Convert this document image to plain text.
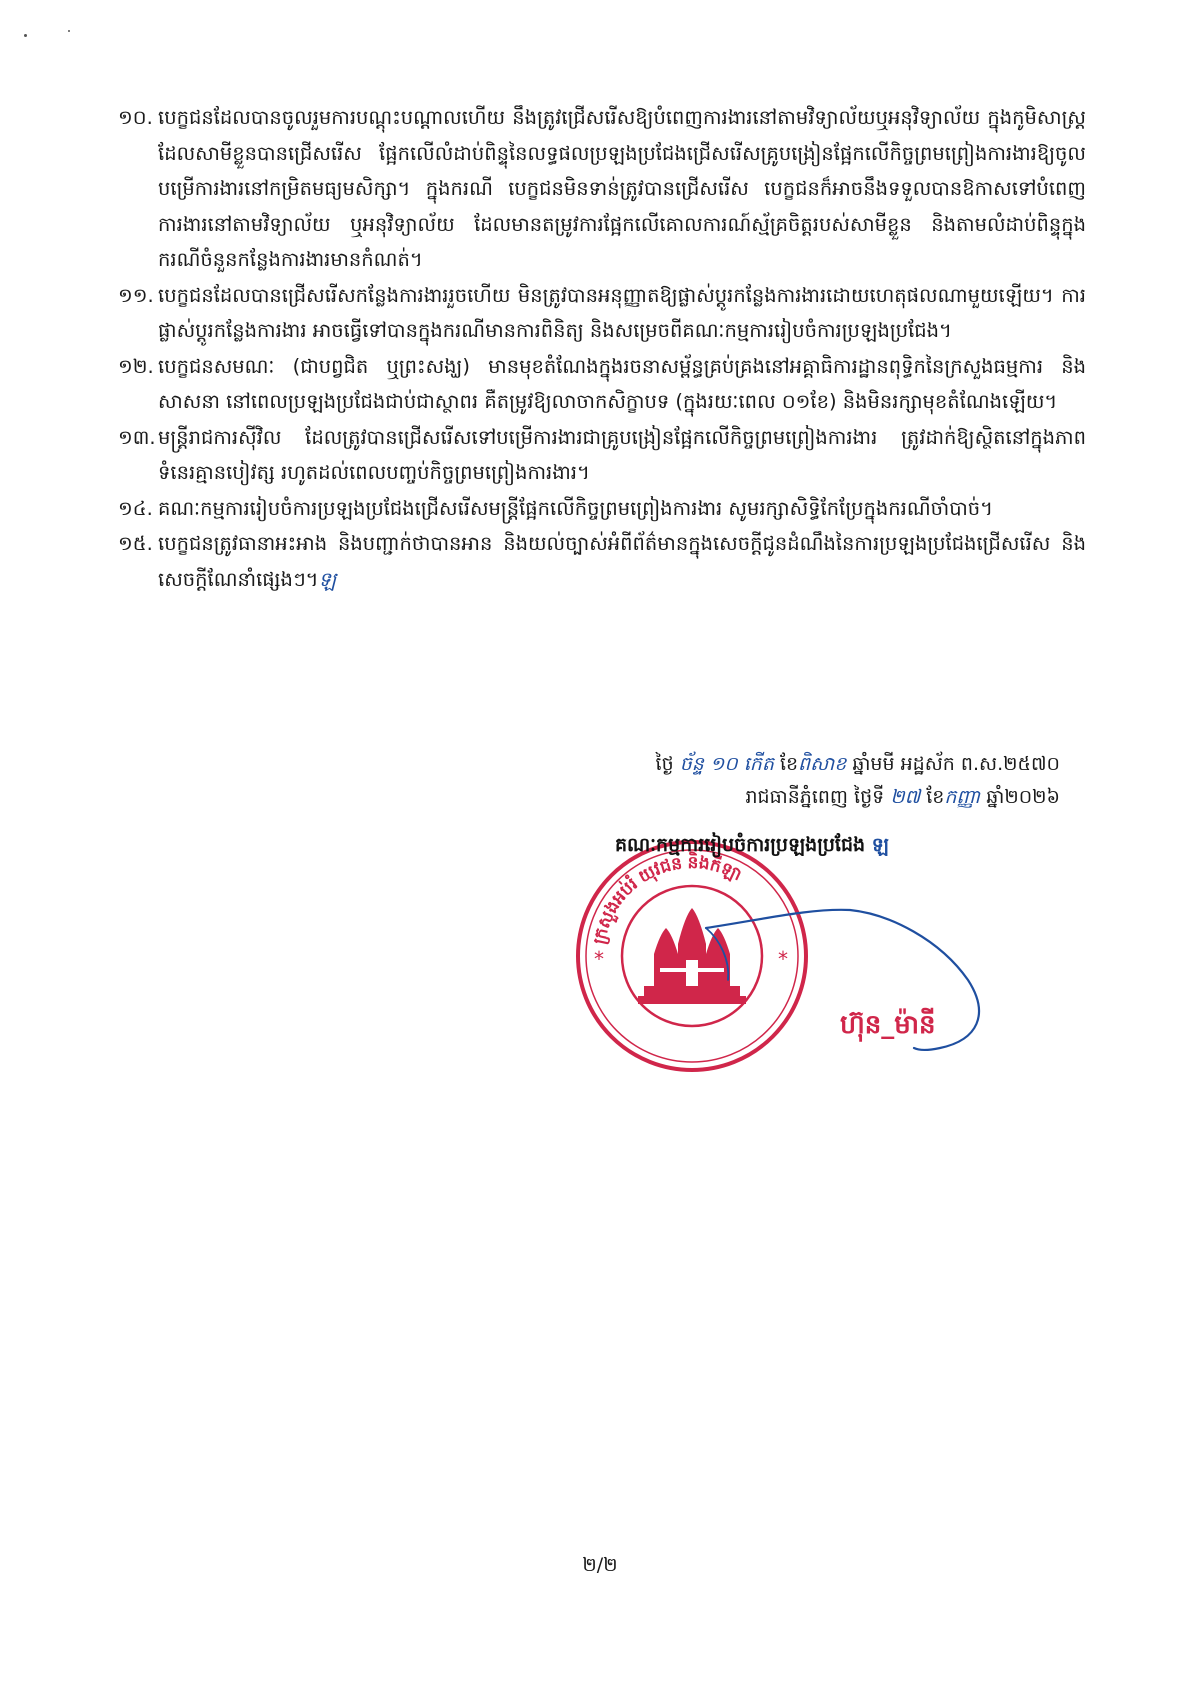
១០. បេក្ខជនដែលបានចូលរួមការបណ្តុះបណ្តាលហើយ នឹងត្រូវជ្រើសរើសឱ្យបំពេញការងារនៅតាមវិទ្យាល័យឬអនុវិទ្យាល័យ ក្នុងកូមិសាស្ត្រដែលសាមីខ្លួនបានជ្រើសរើស ផ្អែកលើលំដាប់ពិន្ទុនៃលទ្ធផលប្រឡងប្រជែងជ្រើសរើសគ្រូបង្រៀនផ្អែកលើកិច្ចព្រមព្រៀងការងារឱ្យចូលបម្រើការងារនៅកម្រិតមធ្យមសិក្សា។ ក្នុងករណី បេក្ខជនមិនទាន់ត្រូវបានជ្រើសរើស បេក្ខជនក៏អាចនឹងទទួលបានឱកាសទៅបំពេញការងារនៅតាមវិទ្យាល័យ ឬអនុវិទ្យាល័យ ដែលមានតម្រូវការផ្អែកលើគោលការណ៍ស្ម័គ្រចិត្តរបស់សាមីខ្លួន និងតាមលំដាប់ពិន្ទុក្នុងករណីចំនួនកន្លែងការងារមានកំណត់។
១១. បេក្ខជនដែលបានជ្រើសរើសកន្លែងការងាររួចហើយ មិនត្រូវបានអនុញ្ញាតឱ្យផ្លាស់ប្តូរកន្លែងការងារដោយហេតុផលណាមួយឡើយ។ ការផ្លាស់ប្តូរកន្លែងការងារ អាចធ្វើទៅបានក្នុងករណីមានការពិនិត្យ និងសម្រេចពីគណៈកម្មការរៀបចំការប្រឡងប្រជែង។
១២. បេក្ខជនសមណៈ (ជាបព្វជិត ឬព្រះសង្ឃ) មានមុខតំណែងក្នុងរចនាសម្ព័ន្ធគ្រប់គ្រងនៅអគ្គាធិការដ្ឋានពុទ្ធិកនៃក្រសួងធម្មការ និងសាសនា នៅពេលប្រឡងប្រជែងជាប់ជាស្ថាពរ គឺតម្រូវឱ្យលាចាកសិក្ខាបទ (ក្នុងរយៈពេល ០១ខែ) និងមិនរក្សាមុខតំណែងឡើយ។
១៣. មន្ត្រីរាជការស៊ីវិល ដែលត្រូវបានជ្រើសរើសទៅបម្រើការងារជាគ្រូបង្រៀនផ្អែកលើកិច្ចព្រមព្រៀងការងារ ត្រូវដាក់ឱ្យស្ថិតនៅក្នុងភាពទំនេរគ្មានបៀវត្ស រហូតដល់ពេលបញ្ចប់កិច្ចព្រមព្រៀងការងារ។
១៤. គណៈកម្មការរៀបចំការប្រឡងប្រជែងជ្រើសរើសមន្ត្រីផ្អែកលើកិច្ចព្រមព្រៀងការងារ សូមរក្សាសិទ្ធិកែប្រែក្នុងករណីចាំបាច់។
១៥. បេក្ខជនត្រូវធានាអះអាង និងបញ្ជាក់ថាបានអាន និងយល់ច្បាស់អំពីព័ត៌មានក្នុងសេចក្តីជូនដំណឹងនៃការប្រឡងប្រជែងជ្រើសរើស និងសេចក្តីណែនាំផ្សេងៗ។ឡ
ថ្ងៃ ច័ន្ទ ១០ កើត ខែពិសាខ ឆ្នាំមមី អដ្ឋស័ក ព.ស.២៥៧០
រាជធានីភ្នំពេញ ថ្ងៃទី ២៧ ខែកញ្ញា ឆ្នាំ២០២៦
ក្រសួងអប់រំ យុវជន និងកីឡា
*	*
គណៈកម្មការរៀបចំការប្រឡងប្រជែង ឡ
ហ៊ុន_ម៉ានី
២/២
